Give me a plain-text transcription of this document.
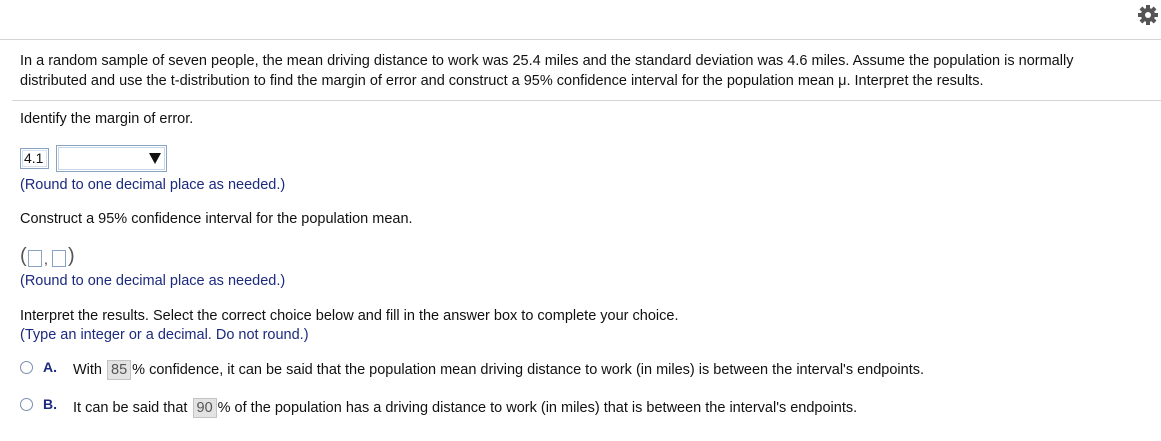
In a random sample of seven people, the mean driving distance to work was 25.4 miles and the standard deviation was 4.6 miles. Assume the population is normally
distributed and use the t-distribution to find the margin of error and construct a 95% confidence interval for the population mean μ. Interpret the results.
Identify the margin of error.
4.1
(Round to one decimal place as needed.)
Construct a 95% confidence interval for the population mean.
( , )
(Round to one decimal place as needed.)
Interpret the results. Select the correct choice below and fill in the answer box to complete your choice.
(Type an integer or a decimal. Do not round.)
A. With 85 % confidence, it can be said that the population mean driving distance to work (in miles) is between the interval's endpoints.
B. It can be said that 90 % of the population has a driving distance to work (in miles) that is between the interval's endpoints.
